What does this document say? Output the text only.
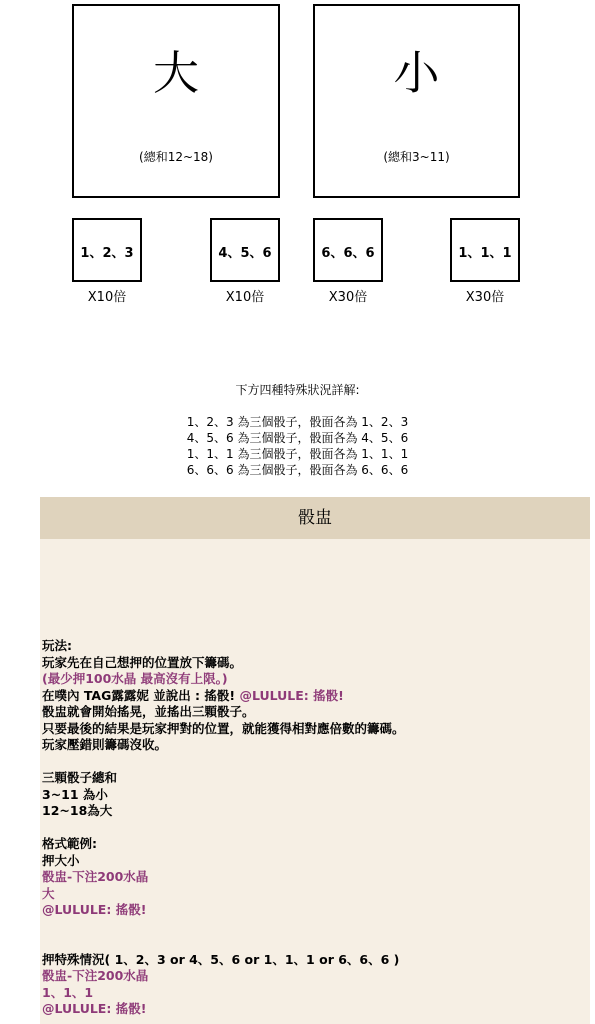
大
(總和12~18)
小
(總和3~11)
1、2、3
X10倍
4、5、6
X10倍
6、6、6
X30倍
1、1、1
X30倍
下方四種特殊狀況詳解:
1、2、3 為三個骰子，骰面各為 1、2、3
4、5、6 為三個骰子，骰面各為 4、5、6
1、1、1 為三個骰子，骰面各為 1、1、1
6、6、6 為三個骰子，骰面各為 6、6、6
骰盅
玩法:
玩家先在自己想押的位置放下籌碼。
(最少押100水晶 最高沒有上限。)
在噗內 TAG露露妮 並說出 : 搖骰! @LULULE: 搖骰!
骰盅就會開始搖晃，並搖出三顆骰子。
只要最後的結果是玩家押對的位置，就能獲得相對應倍數的籌碼。
玩家壓錯則籌碼沒收。
三顆骰子總和
3~11 為小
12~18為大
格式範例:
押大小
骰盅-下注200水晶
大
@LULULE: 搖骰!
押特殊情況( 1、2、3 or 4、5、6 or 1、1、1 or 6、6、6 )
骰盅-下注200水晶
1、1、1
@LULULE: 搖骰!
